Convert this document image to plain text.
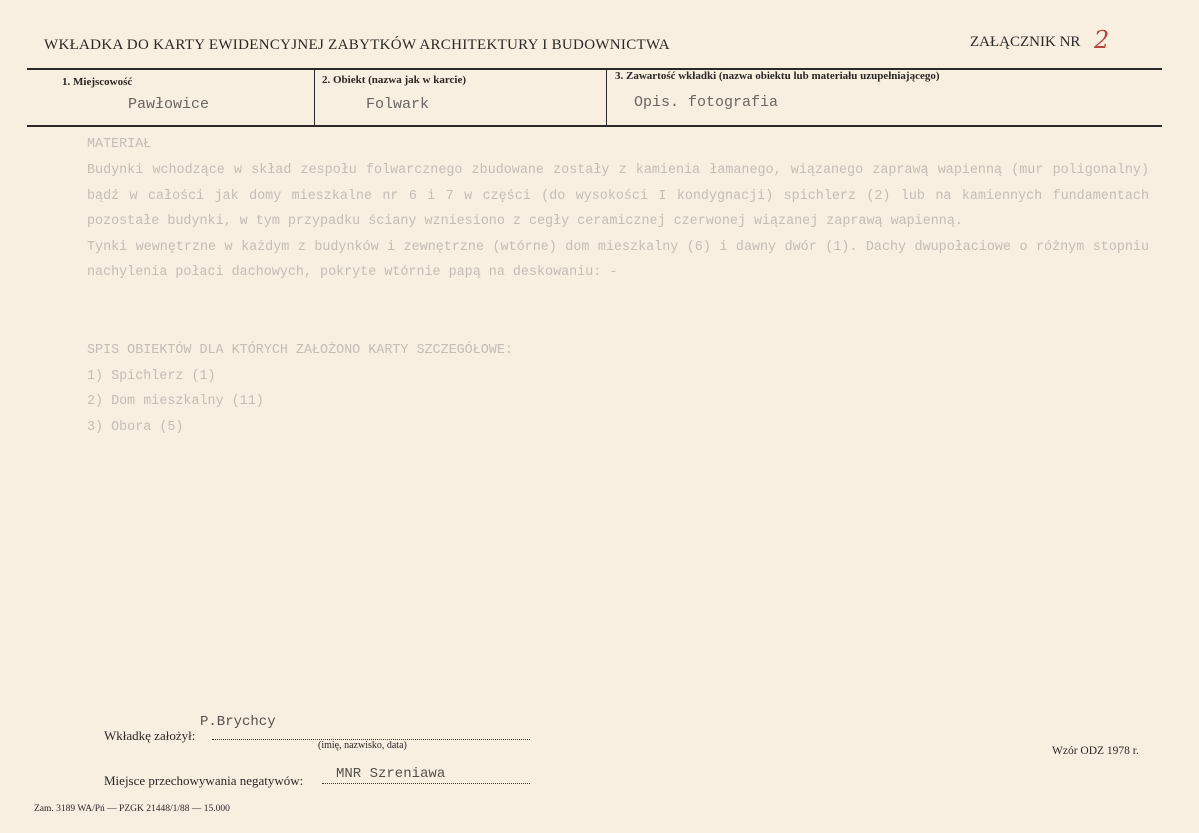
WKŁADKA DO KARTY EWIDENCYJNEJ ZABYTKÓW ARCHITEKTURY I BUDOWNICTWA	ZAŁĄCZNIK NR 2
1. Miejscowość
Pawłowice
2. Obiekt (nazwa jak w karcie)
Folwark
3. Zawartość wkładki (nazwa obiektu lub materiału uzupełniającego)
Opis. fotografia
MATERIAŁ
Budynki wchodzące w skład zespołu folwarcznego zbudowane zostały z kamienia łamanego, wiązanego zaprawą wapienną (mur poligonalny) bądź w całości jak domy mieszkalne nr 6 i 7 w części (do wysokości I kondygnacji) spichlerz (2) lub na kamiennych fundamentach pozostałe budynki, w tym przypadku ściany wzniesiono z cegły ceramicznej czerwonej wiązanej zaprawą wapienną.
Tynki wewnętrzne w każdym z budynków i zewnętrzne (wtórne) dom mieszkalny (6) i dawny dwór (1). Dachy dwupołaciowe o różnym stopniu nachylenia połaci dachowych, pokryte wtórnie papą na deskowaniu: -
SPIS OBIEKTÓW DLA KTÓRYCH ZAŁOŻONO KARTY SZCZEGÓŁOWE:
1) Spichlerz (1)
2) Dom mieszkalny (11)
3) Obora (5)
P.Brychcy
Wkładkę założył:
(imię, nazwisko, data)	Wzór ODZ 1978 r.
Miejsce przechowywania negatywów: MNR Szreniawa
Zam. 3189 WA/Pń — PZGK 21448/1/88 — 15.000
